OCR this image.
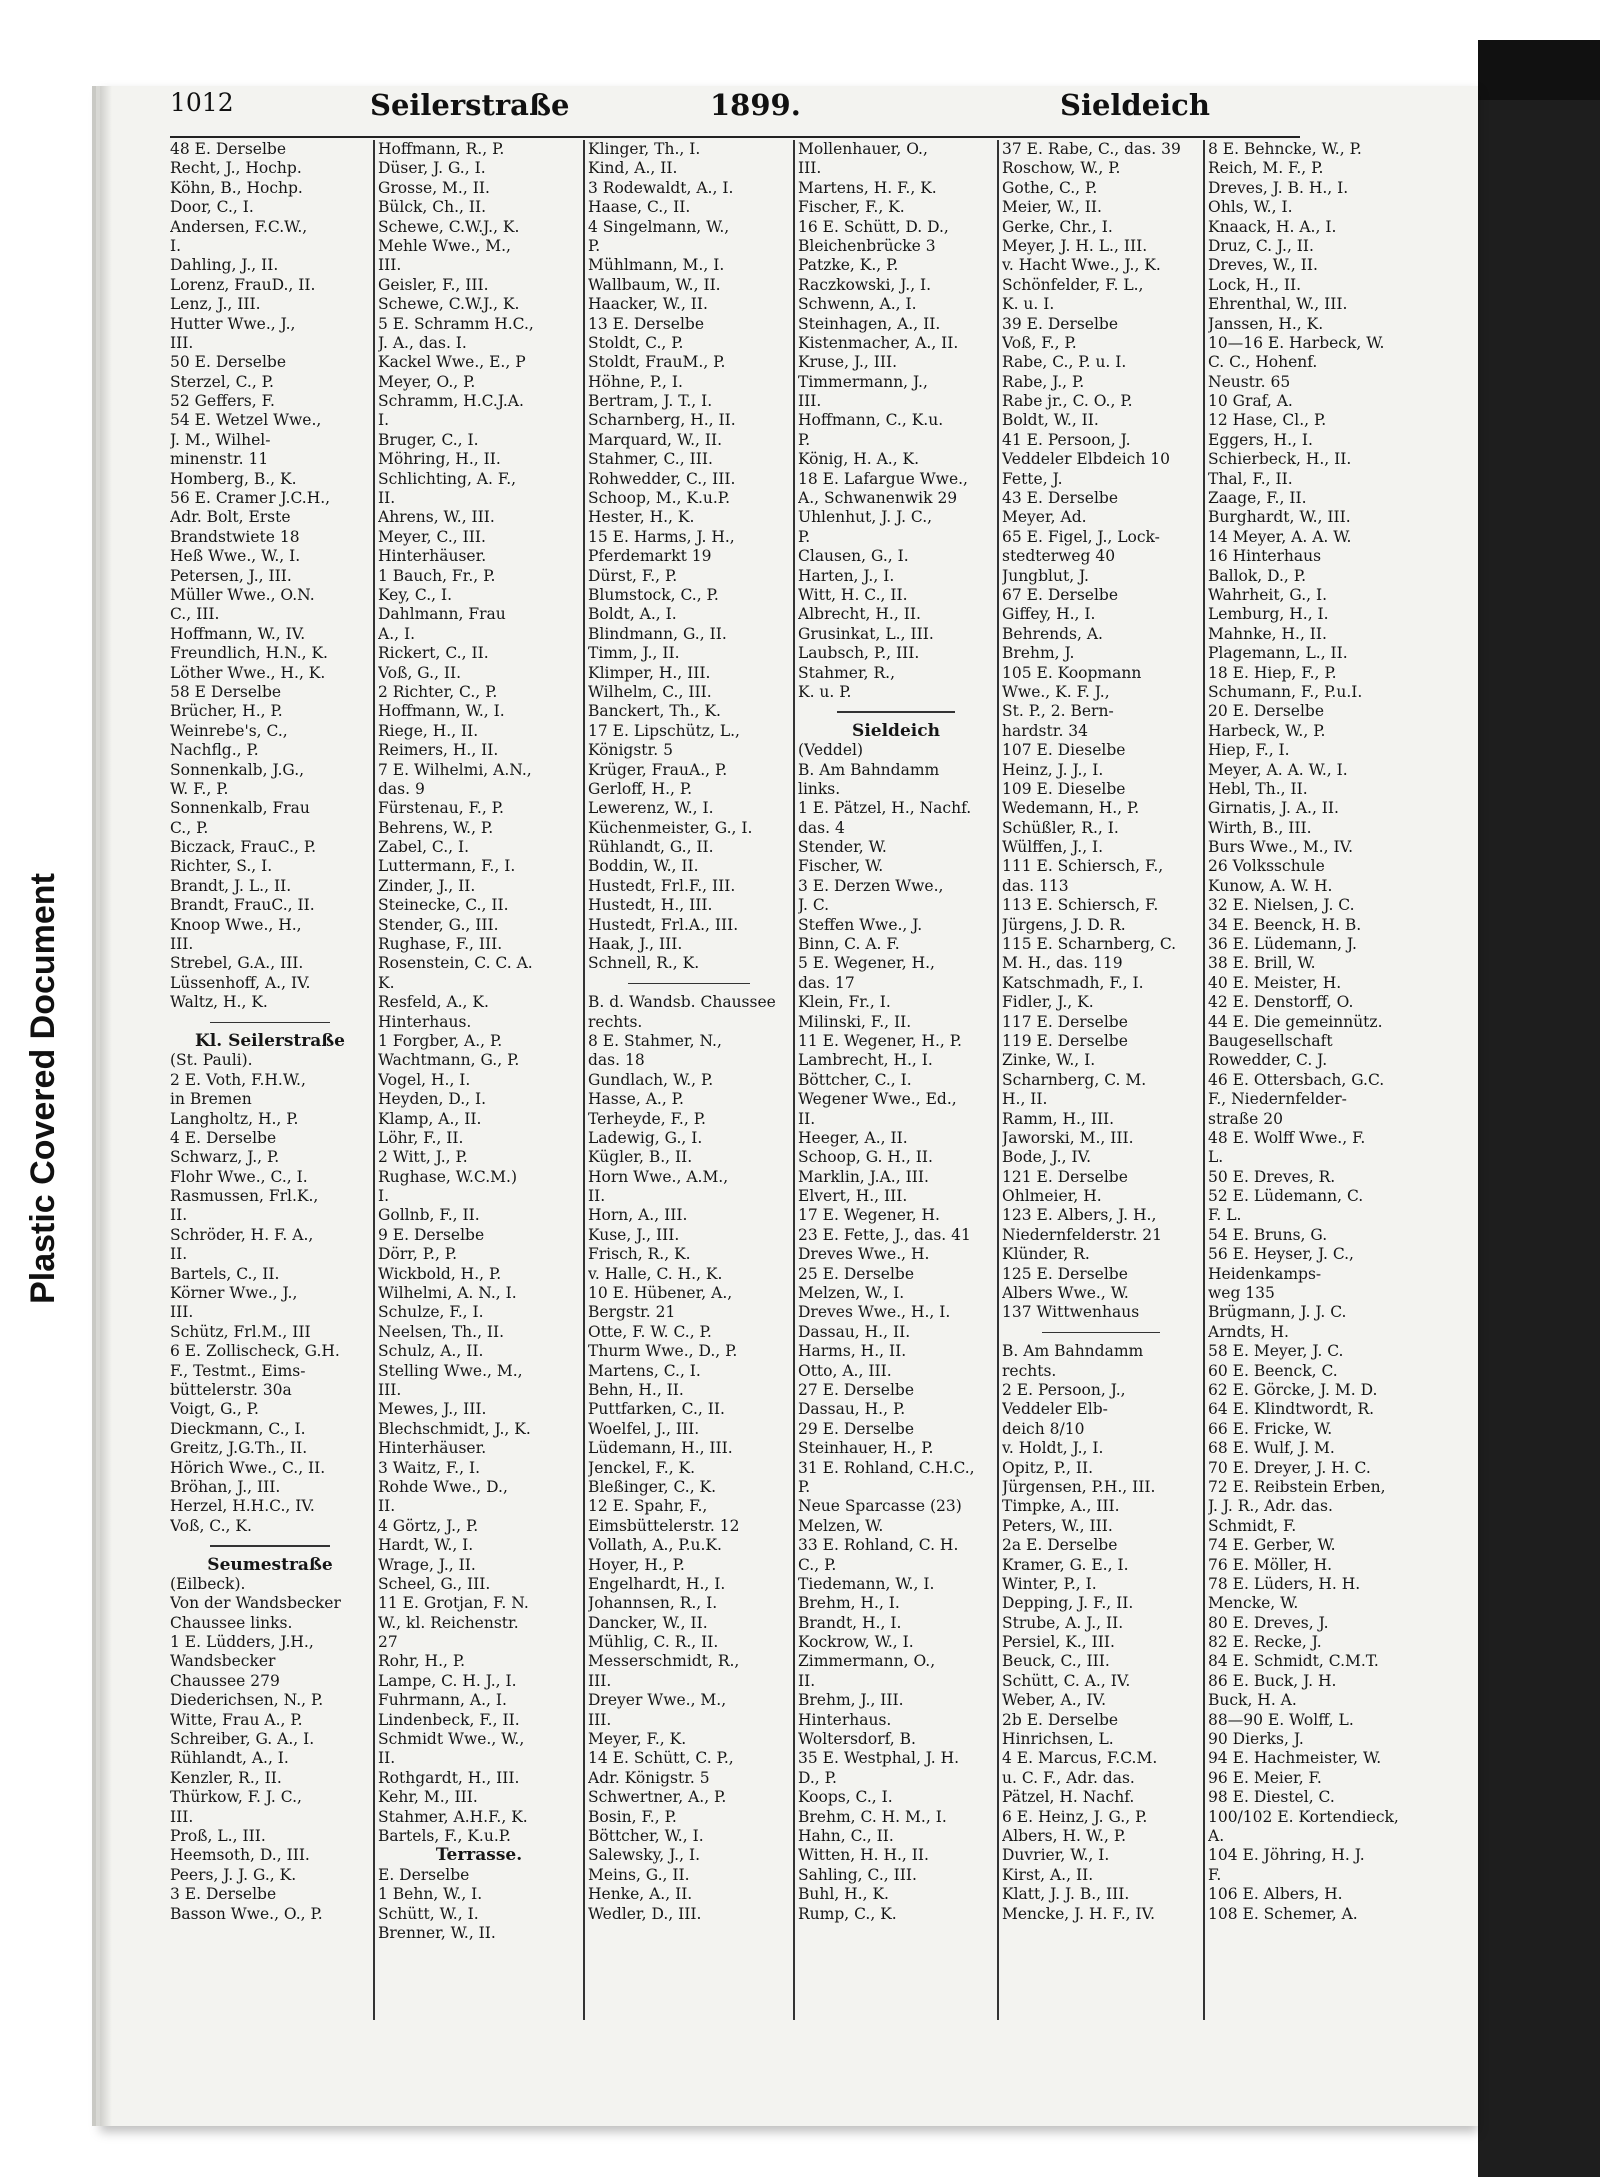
Plastic Covered Document
1012	Seilerstraße	1899.	Sieldeich
48 E. Derselbe
Recht, J., Hochp.
Köhn, B., Hochp.
Door, C., I.
Andersen, F.C.W.,
I.
Dahling, J., II.
Lorenz, FrauD., II.
Lenz, J., III.
Hutter Wwe., J.,
III.
50 E. Derselbe
Sterzel, C., P.
52 Geffers, F.
54 E. Wetzel Wwe.,
J. M., Wilhel-
minenstr. 11
Homberg, B., K.
56 E. Cramer J.C.H.,
Adr. Bolt, Erste
Brandstwiete 18
Heß Wwe., W., I.
Petersen, J., III.
Müller Wwe., O.N.
C., III.
Hoffmann, W., IV.
Freundlich, H.N., K.
Löther Wwe., H., K.
58 E Derselbe
Brücher, H., P.
Weinrebe's, C.,
Nachflg., P.
Sonnenkalb, J.G.,
W. F., P.
Sonnenkalb, Frau
C., P.
Biczack, FrauC., P.
Richter, S., I.
Brandt, J. L., II.
Brandt, FrauC., II.
Knoop Wwe., H.,
III.
Strebel, G.A., III.
Lüssenhoff, A., IV.
Waltz, H., K.
Kl. Seilerstraße
(St. Pauli).
2 E. Voth, F.H.W.,
in Bremen
Langholtz, H., P.
4 E. Derselbe
Schwarz, J., P.
Flohr Wwe., C., I.
Rasmussen, Frl.K.,
II.
Schröder, H. F. A.,
II.
Bartels, C., II.
Körner Wwe., J.,
III.
Schütz, Frl.M., III
6 E. Zollischeck, G.H.
F., Testmt., Eims-
büttelerstr. 30a
Voigt, G., P.
Dieckmann, C., I.
Greitz, J.G.Th., II.
Hörich Wwe., C., II.
Bröhan, J., III.
Herzel, H.H.C., IV.
Voß, C., K.
Seumestraße
(Eilbeck).
Von der Wandsbecker
Chaussee links.
1 E. Lüdders, J.H.,
Wandsbecker
Chaussee 279
Diederichsen, N., P.
Witte, Frau A., P.
Schreiber, G. A., I.
Rühlandt, A., I.
Kenzler, R., II.
Thürkow, F. J. C.,
III.
Proß, L., III.
Heemsoth, D., III.
Peers, J. J. G., K.
3 E. Derselbe
Basson Wwe., O., P.
Hoffmann, R., P.
Düser, J. G., I.
Grosse, M., II.
Bülck, Ch., II.
Schewe, C.W.J., K.
Mehle Wwe., M.,
III.
Geisler, F., III.
Schewe, C.W.J., K.
5 E. Schramm H.C.,
J. A., das. I.
Kackel Wwe., E., P
Meyer, O., P.
Schramm, H.C.J.A.
I.
Bruger, C., I.
Möhring, H., II.
Schlichting, A. F.,
II.
Ahrens, W., III.
Meyer, C., III.
Hinterhäuser.
1 Bauch, Fr., P.
Key, C., I.
Dahlmann, Frau
A., I.
Rickert, C., II.
Voß, G., II.
2 Richter, C., P.
Hoffmann, W., I.
Riege, H., II.
Reimers, H., II.
7 E. Wilhelmi, A.N.,
das. 9
Fürstenau, F., P.
Behrens, W., P.
Zabel, C., I.
Luttermann, F., I.
Zinder, J., II.
Steinecke, C., II.
Stender, G., III.
Rughase, F., III.
Rosenstein, C. C. A.
K.
Resfeld, A., K.
Hinterhaus.
1 Forgber, A., P.
Wachtmann, G., P.
Vogel, H., I.
Heyden, D., I.
Klamp, A., II.
Löhr, F., II.
2 Witt, J., P.
Rughase, W.C.M.)
I.
Gollnb, F., II.
9 E. Derselbe
Dörr, P., P.
Wickbold, H., P.
Wilhelmi, A. N., I.
Schulze, F., I.
Neelsen, Th., II.
Schulz, A., II.
Stelling Wwe., M.,
III.
Mewes, J., III.
Blechschmidt, J., K.
Hinterhäuser.
3 Waitz, F., I.
Rohde Wwe., D.,
II.
4 Görtz, J., P.
Hardt, W., I.
Wrage, J., II.
Scheel, G., III.
11 E. Grotjan, F. N.
W., kl. Reichenstr.
27
Rohr, H., P.
Lampe, C. H. J., I.
Fuhrmann, A., I.
Lindenbeck, F., II.
Schmidt Wwe., W.,
II.
Rothgardt, H., III.
Kehr, M., III.
Stahmer, A.H.F., K.
Bartels, F., K.u.P.
Terrasse.
E. Derselbe
1 Behn, W., I.
Schütt, W., I.
Brenner, W., II.
Klinger, Th., I.
Kind, A., II.
3 Rodewaldt, A., I.
Haase, C., II.
4 Singelmann, W.,
P.
Mühlmann, M., I.
Wallbaum, W., II.
Haacker, W., II.
13 E. Derselbe
Stoldt, C., P.
Stoldt, FrauM., P.
Höhne, P., I.
Bertram, J. T., I.
Scharnberg, H., II.
Marquard, W., II.
Stahmer, C., III.
Rohwedder, C., III.
Schoop, M., K.u.P.
Hester, H., K.
15 E. Harms, J. H.,
Pferdemarkt 19
Dürst, F., P.
Blumstock, C., P.
Boldt, A., I.
Blindmann, G., II.
Timm, J., II.
Klimper, H., III.
Wilhelm, C., III.
Banckert, Th., K.
17 E. Lipschütz, L.,
Königstr. 5
Krüger, FrauA., P.
Gerloff, H., P.
Lewerenz, W., I.
Küchenmeister, G., I.
Rühlandt, G., II.
Boddin, W., II.
Hustedt, Frl.F., III.
Hustedt, H., III.
Hustedt, Frl.A., III.
Haak, J., III.
Schnell, R., K.
B. d. Wandsb. Chaussee
rechts.
8 E. Stahmer, N.,
das. 18
Gundlach, W., P.
Hasse, A., P.
Terheyde, F., P.
Ladewig, G., I.
Kügler, B., II.
Horn Wwe., A.M.,
II.
Horn, A., III.
Kuse, J., III.
Frisch, R., K.
v. Halle, C. H., K.
10 E. Hübener, A.,
Bergstr. 21
Otte, F. W. C., P.
Thurm Wwe., D., P.
Martens, C., I.
Behn, H., II.
Puttfarken, C., II.
Woelfel, J., III.
Lüdemann, H., III.
Jenckel, F., K.
Bleßinger, C., K.
12 E. Spahr, F.,
Eimsbüttelerstr. 12
Vollath, A., P.u.K.
Hoyer, H., P.
Engelhardt, H., I.
Johannsen, R., I.
Dancker, W., II.
Mühlig, C. R., II.
Messerschmidt, R.,
III.
Dreyer Wwe., M.,
III.
Meyer, F., K.
14 E. Schütt, C. P.,
Adr. Königstr. 5
Schwertner, A., P.
Bosin, F., P.
Böttcher, W., I.
Salewsky, J., I.
Meins, G., II.
Henke, A., II.
Wedler, D., III.
Mollenhauer, O.,
III.
Martens, H. F., K.
Fischer, F., K.
16 E. Schütt, D. D.,
Bleichenbrücke 3
Patzke, K., P.
Raczkowski, J., I.
Schwenn, A., I.
Steinhagen, A., II.
Kistenmacher, A., II.
Kruse, J., III.
Timmermann, J.,
III.
Hoffmann, C., K.u.
P.
König, H. A., K.
18 E. Lafargue Wwe.,
A., Schwanenwik 29
Uhlenhut, J. J. C.,
P.
Clausen, G., I.
Harten, J., I.
Witt, H. C., II.
Albrecht, H., II.
Grusinkat, L., III.
Laubsch, P., III.
Stahmer, R.,
K. u. P.
Sieldeich
(Veddel)
B. Am Bahndamm
links.
1 E. Pätzel, H., Nachf.
das. 4
Stender, W.
Fischer, W.
3 E. Derzen Wwe.,
J. C.
Steffen Wwe., J.
Binn, C. A. F.
5 E. Wegener, H.,
das. 17
Klein, Fr., I.
Milinski, F., II.
11 E. Wegener, H., P.
Lambrecht, H., I.
Böttcher, C., I.
Wegener Wwe., Ed.,
II.
Heeger, A., II.
Schoop, G. H., II.
Marklin, J.A., III.
Elvert, H., III.
17 E. Wegener, H.
23 E. Fette, J., das. 41
Dreves Wwe., H.
25 E. Derselbe
Melzen, W., I.
Dreves Wwe., H., I.
Dassau, H., II.
Harms, H., II.
Otto, A., III.
27 E. Derselbe
Dassau, H., P.
29 E. Derselbe
Steinhauer, H., P.
31 E. Rohland, C.H.C.,
P.
Neue Sparcasse (23)
Melzen, W.
33 E. Rohland, C. H.
C., P.
Tiedemann, W., I.
Brehm, H., I.
Brandt, H., I.
Kockrow, W., I.
Zimmermann, O.,
II.
Brehm, J., III.
Hinterhaus.
Woltersdorf, B.
35 E. Westphal, J. H.
D., P.
Koops, C., I.
Brehm, C. H. M., I.
Hahn, C., II.
Witten, H. H., II.
Sahling, C., III.
Buhl, H., K.
Rump, C., K.
37 E. Rabe, C., das. 39
Roschow, W., P.
Gothe, C., P.
Meier, W., II.
Gerke, Chr., I.
Meyer, J. H. L., III.
v. Hacht Wwe., J., K.
Schönfelder, F. L.,
K. u. I.
39 E. Derselbe
Voß, F., P.
Rabe, C., P. u. I.
Rabe, J., P.
Rabe jr., C. O., P.
Boldt, W., II.
41 E. Persoon, J.
Veddeler Elbdeich 10
Fette, J.
43 E. Derselbe
Meyer, Ad.
65 E. Figel, J., Lock-
stedterweg 40
Jungblut, J.
67 E. Derselbe
Giffey, H., I.
Behrends, A.
Brehm, J.
105 E. Koopmann
Wwe., K. F. J.,
St. P., 2. Bern-
hardstr. 34
107 E. Dieselbe
Heinz, J. J., I.
109 E. Dieselbe
Wedemann, H., P.
Schüßler, R., I.
Wülffen, J., I.
111 E. Schiersch, F.,
das. 113
113 E. Schiersch, F.
Jürgens, J. D. R.
115 E. Scharnberg, C.
M. H., das. 119
Katschmadh, F., I.
Fidler, J., K.
117 E. Derselbe
119 E. Derselbe
Zinke, W., I.
Scharnberg, C. M.
H., II.
Ramm, H., III.
Jaworski, M., III.
Bode, J., IV.
121 E. Derselbe
Ohlmeier, H.
123 E. Albers, J. H.,
Niedernfelderstr. 21
Klünder, R.
125 E. Derselbe
Albers Wwe., W.
137 Wittwenhaus
B. Am Bahndamm
rechts.
2 E. Persoon, J.,
Veddeler Elb-
deich 8/10
v. Holdt, J., I.
Opitz, P., II.
Jürgensen, P.H., III.
Timpke, A., III.
Peters, W., III.
2a E. Derselbe
Kramer, G. E., I.
Winter, P., I.
Depping, J. F., II.
Strube, A. J., II.
Persiel, K., III.
Beuck, C., III.
Schütt, C. A., IV.
Weber, A., IV.
2b E. Derselbe
Hinrichsen, L.
4 E. Marcus, F.C.M.
u. C. F., Adr. das.
Pätzel, H. Nachf.
6 E. Heinz, J. G., P.
Albers, H. W., P.
Duvrier, W., I.
Kirst, A., II.
Klatt, J. J. B., III.
Mencke, J. H. F., IV.
8 E. Behncke, W., P.
Reich, M. F., P.
Dreves, J. B. H., I.
Ohls, W., I.
Knaack, H. A., I.
Druz, C. J., II.
Dreves, W., II.
Lock, H., II.
Ehrenthal, W., III.
Janssen, H., K.
10—16 E. Harbeck, W.
C. C., Hohenf.
Neustr. 65
10 Graf, A.
12 Hase, Cl., P.
Eggers, H., I.
Schierbeck, H., II.
Thal, F., II.
Zaage, F., II.
Burghardt, W., III.
14 Meyer, A. A. W.
16 Hinterhaus
Ballok, D., P.
Wahrheit, G., I.
Lemburg, H., I.
Mahnke, H., II.
Plagemann, L., II.
18 E. Hiep, F., P.
Schumann, F., P.u.I.
20 E. Derselbe
Harbeck, W., P.
Hiep, F., I.
Meyer, A. A. W., I.
Hebl, Th., II.
Girnatis, J. A., II.
Wirth, B., III.
Burs Wwe., M., IV.
26 Volksschule
Kunow, A. W. H.
32 E. Nielsen, J. C.
34 E. Beenck, H. B.
36 E. Lüdemann, J.
38 E. Brill, W.
40 E. Meister, H.
42 E. Denstorff, O.
44 E. Die gemeinnütz.
Baugesellschaft
Rowedder, C. J.
46 E. Ottersbach, G.C.
F., Niedernfelder-
straße 20
48 E. Wolff Wwe., F.
L.
50 E. Dreves, R.
52 E. Lüdemann, C.
F. L.
54 E. Bruns, G.
56 E. Heyser, J. C.,
Heidenkamps-
weg 135
Brügmann, J. J. C.
Arndts, H.
58 E. Meyer, J. C.
60 E. Beenck, C.
62 E. Görcke, J. M. D.
64 E. Klindtwordt, R.
66 E. Fricke, W.
68 E. Wulf, J. M.
70 E. Dreyer, J. H. C.
72 E. Reibstein Erben,
J. J. R., Adr. das.
Schmidt, F.
74 E. Gerber, W.
76 E. Möller, H.
78 E. Lüders, H. H.
Mencke, W.
80 E. Dreves, J.
82 E. Recke, J.
84 E. Schmidt, C.M.T.
86 E. Buck, J. H.
Buck, H. A.
88—90 E. Wolff, L.
90 Dierks, J.
94 E. Hachmeister, W.
96 E. Meier, F.
98 E. Diestel, C.
100/102 E. Kortendieck,
A.
104 E. Jöhring, H. J.
F.
106 E. Albers, H.
108 E. Schemer, A.
